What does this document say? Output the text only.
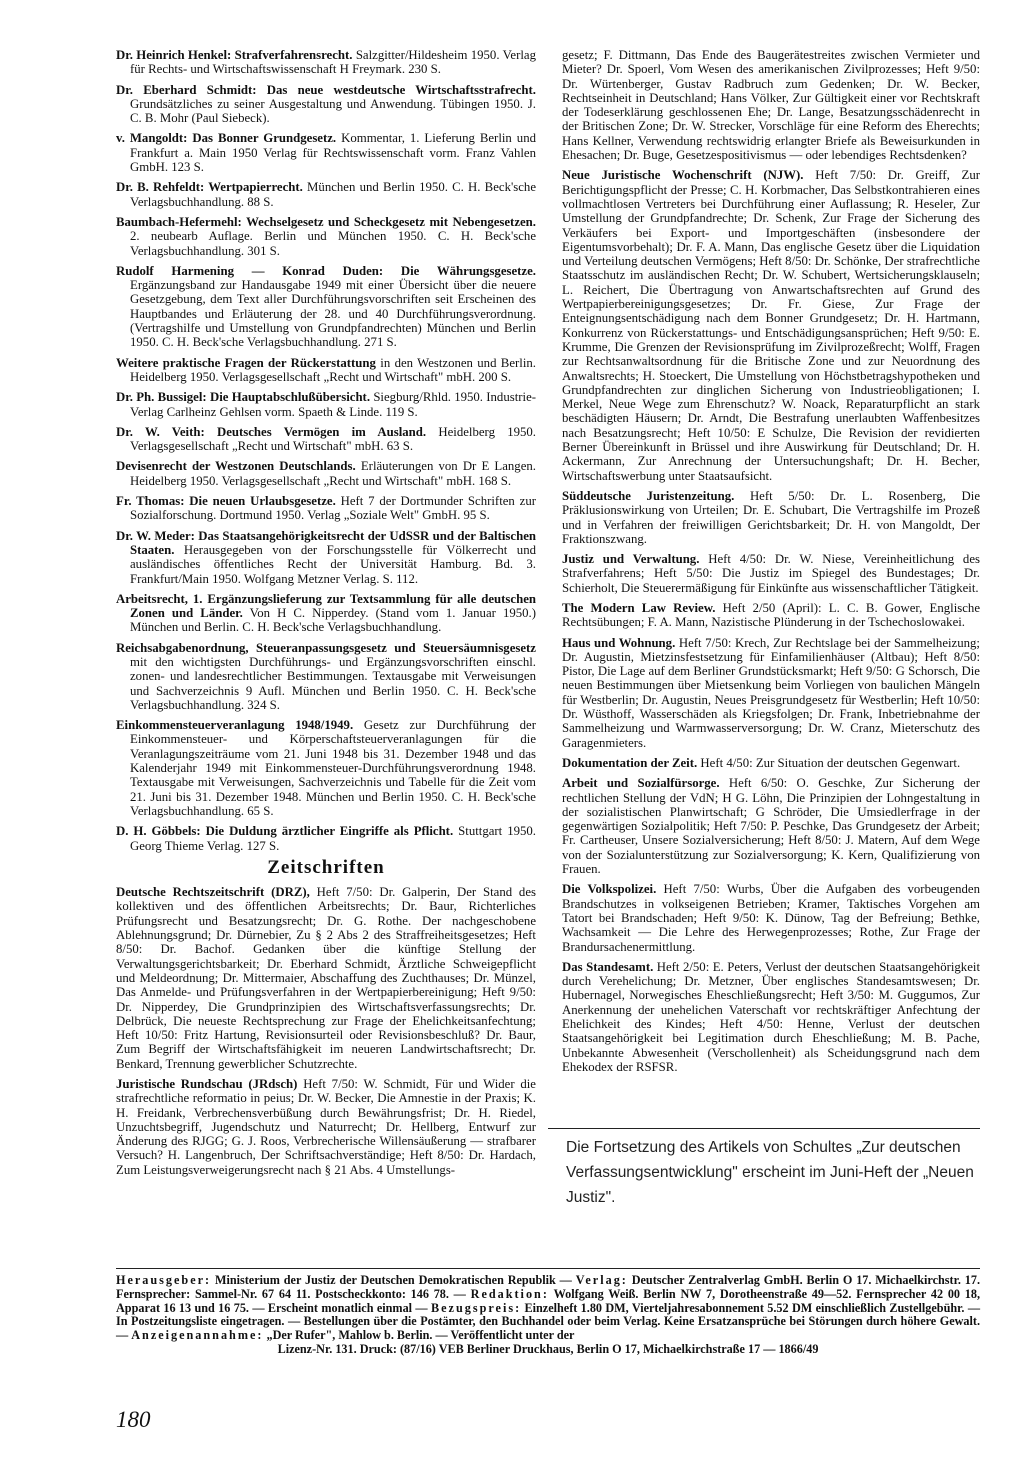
Dr. Heinrich Henkel: Strafverfahrensrecht. Salzgitter/Hildesheim 1950. Verlag für Rechts- und Wirtschaftswissenschaft H Freymark. 230 S.
Dr. Eberhard Schmidt: Das neue westdeutsche Wirtschaftsstrafrecht. Grundsätzliches zu seiner Ausgestaltung und Anwendung. Tübingen 1950. J. C. B. Mohr (Paul Siebeck).
v. Mangoldt: Das Bonner Grundgesetz. Kommentar, 1. Lieferung Berlin und Frankfurt a. Main 1950 Verlag für Rechtswissenschaft vorm. Franz Vahlen GmbH. 123 S.
Dr. B. Rehfeldt: Wertpapierrecht. München und Berlin 1950. C. H. Beck'sche Verlagsbuchhandlung. 88 S.
Baumbach-Hefermehl: Wechselgesetz und Scheckgesetz mit Nebengesetzen. 2. neubearb Auflage. Berlin und München 1950. C. H. Beck'sche Verlagsbuchhandlung. 301 S.
Rudolf Harmening — Konrad Duden: Die Währungsgesetze. Ergänzungsband zur Handausgabe 1949 mit einer Übersicht über die neuere Gesetzgebung, dem Text aller Durchführungsvorschriften seit Erscheinen des Hauptbandes und Erläuterung der 28. und 40 Durchführungsverordnung. (Vertragshilfe und Umstellung von Grundpfandrechten) München und Berlin 1950. C. H. Beck'sche Verlagsbuchhandlung. 271 S.
Weitere praktische Fragen der Rückerstattung in den Westzonen und Berlin. Heidelberg 1950. Verlagsgesellschaft „Recht und Wirtschaft" mbH. 200 S.
Dr. Ph. Bussigel: Die Hauptabschlußübersicht. Siegburg/Rhld. 1950. Industrie-Verlag Carlheinz Gehlsen vorm. Spaeth & Linde. 119 S.
Dr. W. Veith: Deutsches Vermögen im Ausland. Heidelberg 1950. Verlagsgesellschaft „Recht und Wirtschaft" mbH. 63 S.
Devisenrecht der Westzonen Deutschlands. Erläuterungen von Dr E Langen. Heidelberg 1950. Verlagsgesellschaft „Recht und Wirtschaft" mbH. 168 S.
Fr. Thomas: Die neuen Urlaubsgesetze. Heft 7 der Dortmunder Schriften zur Sozialforschung. Dortmund 1950. Verlag „Soziale Welt" GmbH. 95 S.
Dr. W. Meder: Das Staatsangehörigkeitsrecht der UdSSR und der Baltischen Staaten. Herausgegeben von der Forschungsstelle für Völkerrecht und ausländisches öffentliches Recht der Universität Hamburg. Bd. 3. Frankfurt/Main 1950. Wolfgang Metzner Verlag. S. 112.
Arbeitsrecht, 1. Ergänzungslieferung zur Textsammlung für alle deutschen Zonen und Länder. Von H C. Nipperdey. (Stand vom 1. Januar 1950.) München und Berlin. C. H. Beck'sche Verlagsbuchhandlung.
Reichsabgabenordnung, Steueranpassungsgesetz und Steuersäumnisgesetz mit den wichtigsten Durchführungs- und Ergänzungsvorschriften einschl. zonen- und landesrechtlicher Bestimmungen. Textausgabe mit Verweisungen und Sachverzeichnis 9 Aufl. München und Berlin 1950. C. H. Beck'sche Verlagsbuchhandlung. 324 S.
Einkommensteuerveranlagung 1948/1949. Gesetz zur Durchführung der Einkommensteuer- und Körperschaftsteuerveranlagungen für die Veranlagungszeiträume vom 21. Juni 1948 bis 31. Dezember 1948 und das Kalenderjahr 1949 mit Einkommensteuer-Durchführungsverordnung 1948. Textausgabe mit Verweisungen, Sachverzeichnis und Tabelle für die Zeit vom 21. Juni bis 31. Dezember 1948. München und Berlin 1950. C. H. Beck'sche Verlagsbuchhandlung. 65 S.
D. H. Göbbels: Die Duldung ärztlicher Eingriffe als Pflicht. Stuttgart 1950. Georg Thieme Verlag. 127 S.
Zeitschriften
Deutsche Rechtszeitschrift (DRZ), Heft 7/50: Dr. Galperin, Der Stand des kollektiven und des öffentlichen Arbeitsrechts; Dr. Baur, Richterliches Prüfungsrecht und Besatzungsrecht; Dr. G. Rothe. Der nachgeschobene Ablehnungsgrund; Dr. Dürnebier, Zu § 2 Abs 2 des Straffreiheitsgesetzes; Heft 8/50: Dr. Bachof. Gedanken über die künftige Stellung der Verwaltungsgerichtsbarkeit; Dr. Eberhard Schmidt, Ärztliche Schweigepflicht und Meldeordnung; Dr. Mittermaier, Abschaffung des Zuchthauses; Dr. Münzel, Das Anmelde- und Prüfungsverfahren in der Wertpapierbereinigung; Heft 9/50: Dr. Nipperdey, Die Grundprinzipien des Wirtschaftsverfassungsrechts; Dr. Delbrück, Die neueste Rechtsprechung zur Frage der Ehelichkeitsanfechtung; Heft 10/50: Fritz Hartung, Revisionsurteil oder Revisionsbeschluß? Dr. Baur, Zum Begriff der Wirtschaftsfähigkeit im neueren Landwirtschaftsrecht; Dr. Benkard, Trennung gewerblicher Schutzrechte.
Juristische Rundschau (JRdsch) Heft 7/50: W. Schmidt, Für und Wider die strafrechtliche reformatio in peius; Dr. W. Becker, Die Amnestie in der Praxis; K. H. Freidank, Verbrechensverbüßung durch Bewährungsfrist; Dr. H. Riedel, Unzuchtsbegriff, Jugendschutz und Naturrecht; Dr. Hellberg, Entwurf zur Änderung des RJGG; G. J. Roos, Verbrecherische Willensäußerung — strafbarer Versuch? H. Langenbruch, Der Schriftsachverständige; Heft 8/50: Dr. Hardach, Zum Leistungsverweigerungsrecht nach § 21 Abs. 4 Umstellungs-
gesetz; F. Dittmann, Das Ende des Baugerätestreites zwischen Vermieter und Mieter? Dr. Spoerl, Vom Wesen des amerikanischen Zivilprozesses; Heft 9/50: Dr. Würtenberger, Gustav Radbruch zum Gedenken; Dr. W. Becker, Rechtseinheit in Deutschland; Hans Völker, Zur Gültigkeit einer vor Rechtskraft der Todeserklärung geschlossenen Ehe; Dr. Lange, Besatzungsschädenrecht in der Britischen Zone; Dr. W. Strecker, Vorschläge für eine Reform des Eherechts; Hans Kellner, Verwendung rechtswidrig erlangter Briefe als Beweisurkunden in Ehesachen; Dr. Buge, Gesetzespositivismus — oder lebendiges Rechtsdenken?
Neue Juristische Wochenschrift (NJW). Heft 7/50: Dr. Greiff, Zur Berichtigungspflicht der Presse; C. H. Korbmacher, Das Selbstkontrahieren eines vollmachtlosen Vertreters bei Durchführung einer Auflassung; R. Heseler, Zur Umstellung der Grundpfandrechte; Dr. Schenk, Zur Frage der Sicherung des Verkäufers bei Export- und Importgeschäften (insbesondere der Eigentumsvorbehalt); Dr. F. A. Mann, Das englische Gesetz über die Liquidation und Verteilung deutschen Vermögens; Heft 8/50: Dr. Schönke, Der strafrechtliche Staatsschutz im ausländischen Recht; Dr. W. Schubert, Wertsicherungsklauseln; L. Reichert, Die Übertragung von Anwartschaftsrechten auf Grund des Wertpapierbereinigungsgesetzes; Dr. Fr. Giese, Zur Frage der Enteignungsentschädigung nach dem Bonner Grundgesetz; Dr. H. Hartmann, Konkurrenz von Rückerstattungs- und Entschädigungsansprüchen; Heft 9/50: E. Krumme, Die Grenzen der Revisionsprüfung im Zivilprozeßrecht; Wolff, Fragen zur Rechtsanwaltsordnung für die Britische Zone und zur Neuordnung des Anwaltsrechts; H. Stoeckert, Die Umstellung von Höchstbetragshypotheken und Grundpfandrechten zur dinglichen Sicherung von Industrieobligationen; I. Merkel, Neue Wege zum Ehrenschutz? W. Noack, Reparaturpflicht an stark beschädigten Häusern; Dr. Arndt, Die Bestrafung unerlaubten Waffenbesitzes nach Besatzungsrecht; Heft 10/50: E Schulze, Die Revision der revidierten Berner Übereinkunft in Brüssel und ihre Auswirkung für Deutschland; Dr. H. Ackermann, Zur Anrechnung der Untersuchungshaft; Dr. H. Becher, Wirtschaftswerbung unter Staatsaufsicht.
Süddeutsche Juristenzeitung. Heft 5/50: Dr. L. Rosenberg, Die Präklusionswirkung von Urteilen; Dr. E. Schubart, Die Vertragshilfe im Prozeß und in Verfahren der freiwilligen Gerichtsbarkeit; Dr. H. von Mangoldt, Der Fraktionszwang.
Justiz und Verwaltung. Heft 4/50: Dr. W. Niese, Vereinheitlichung des Strafverfahrens; Heft 5/50: Die Justiz im Spiegel des Bundestages; Dr. Schierholt, Die Steuerermäßigung für Einkünfte aus wissenschaftlicher Tätigkeit.
The Modern Law Review. Heft 2/50 (April): L. C. B. Gower, Englische Rechtsübungen; F. A. Mann, Nazistische Plünderung in der Tschechoslowakei.
Haus und Wohnung. Heft 7/50: Krech, Zur Rechtslage bei der Sammelheizung; Dr. Augustin, Mietzinsfestsetzung für Einfamilienhäuser (Altbau); Heft 8/50: Pistor, Die Lage auf dem Berliner Grundstücksmarkt; Heft 9/50: G Schorsch, Die neuen Bestimmungen über Mietsenkung beim Vorliegen von baulichen Mängeln für Westberlin; Dr. Augustin, Neues Preisgrundgesetz für Westberlin; Heft 10/50: Dr. Wüsthoff, Wasserschäden als Kriegsfolgen; Dr. Frank, Inbetriebnahme der Sammelheizung und Warmwasserversorgung; Dr. W. Cranz, Mieterschutz des Garagenmieters.
Dokumentation der Zeit. Heft 4/50: Zur Situation der deutschen Gegenwart.
Arbeit und Sozialfürsorge. Heft 6/50: O. Geschke, Zur Sicherung der rechtlichen Stellung der VdN; H G. Löhn, Die Prinzipien der Lohngestaltung in der sozialistischen Planwirtschaft; G Schröder, Die Umsiedlerfrage in der gegenwärtigen Sozialpolitik; Heft 7/50: P. Peschke, Das Grundgesetz der Arbeit; Fr. Cartheuser, Unsere Sozialversicherung; Heft 8/50: J. Matern, Auf dem Wege von der Sozialunterstützung zur Sozialversorgung; K. Kern, Qualifizierung von Frauen.
Die Volkspolizei. Heft 7/50: Wurbs, Über die Aufgaben des vorbeugenden Brandschutzes in volkseigenen Betrieben; Kramer, Taktisches Vorgehen am Tatort bei Brandschaden; Heft 9/50: K. Dünow, Tag der Befreiung; Bethke, Wachsamkeit — Die Lehre des Herwegenprozesses; Rothe, Zur Frage der Brandursachenermittlung.
Das Standesamt. Heft 2/50: E. Peters, Verlust der deutschen Staatsangehörigkeit durch Verehelichung; Dr. Metzner, Über englisches Standesamtswesen; Dr. Hubernagel, Norwegisches Eheschließungsrecht; Heft 3/50: M. Guggumos, Zur Anerkennung der unehelichen Vaterschaft vor rechtskräftiger Anfechtung der Ehelichkeit des Kindes; Heft 4/50: Henne, Verlust der deutschen Staatsangehörigkeit bei Legitimation durch Eheschließung; M. B. Pache, Unbekannte Abwesenheit (Verschollenheit) als Scheidungsgrund nach dem Ehekodex der RSFSR.
Die Fortsetzung des Artikels von Schultes „Zur deutschen Verfassungsentwicklung" erscheint im Juni-Heft der „Neuen Justiz".
Herausgeber: Ministerium der Justiz der Deutschen Demokratischen Republik — Verlag: Deutscher Zentralverlag GmbH. Berlin O 17. Michaelkirchstr. 17. Fernsprecher: Sammel-Nr. 67 64 11. Postscheckkonto: 146 78. — Redaktion: Wolfgang Weiß. Berlin NW 7, Dorotheenstraße 49—52. Fernsprecher 42 00 18, Apparat 16 13 und 16 75. — Erscheint monatlich einmal — Bezugspreis: Einzelheft 1.80 DM, Vierteljahresabonnement 5.52 DM einschließlich Zustellgebühr. — In Postzeitungsliste eingetragen. — Bestellungen über die Postämter, den Buchhandel oder beim Verlag. Keine Ersatzansprüche bei Störungen durch höhere Gewalt. — Anzeigenannahme: „Der Rufer", Mahlow b. Berlin. — Veröffentlicht unter der
Lizenz-Nr. 131. Druck: (87/16) VEB Berliner Druckhaus, Berlin O 17, Michaelkirchstraße 17 — 1866/49
180
